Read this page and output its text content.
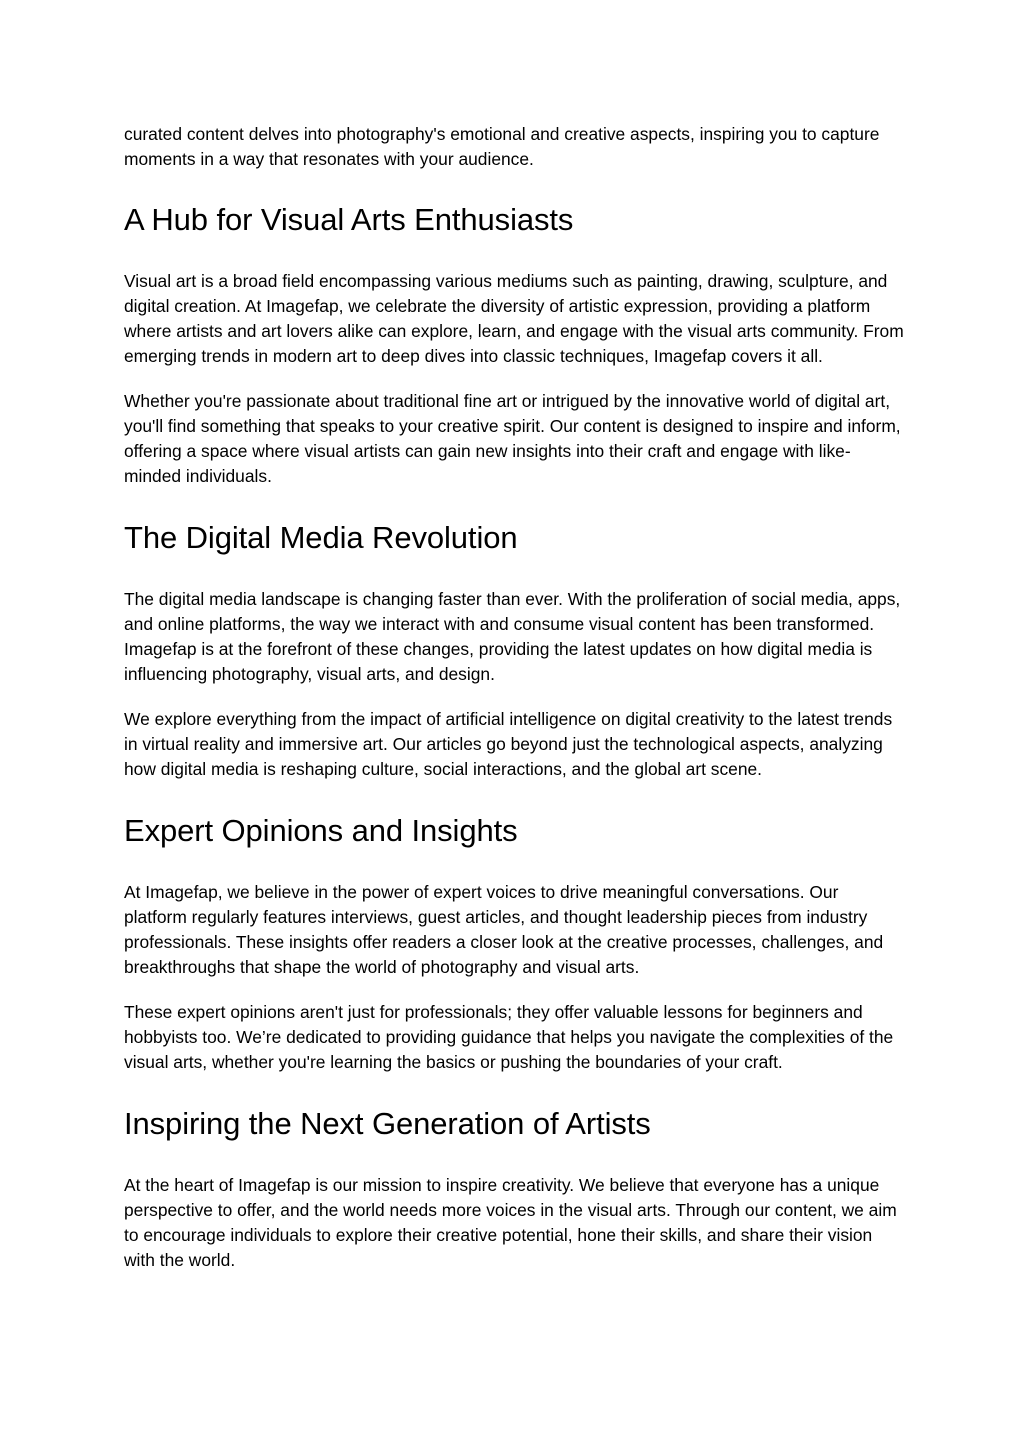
curated content delves into photography's emotional and creative aspects, inspiring you to capture moments in a way that resonates with your audience.

A Hub for Visual Arts Enthusiasts

Visual art is a broad field encompassing various mediums such as painting, drawing, sculpture, and digital creation. At Imagefap, we celebrate the diversity of artistic expression, providing a platform where artists and art lovers alike can explore, learn, and engage with the visual arts community. From emerging trends in modern art to deep dives into classic techniques, Imagefap covers it all.

Whether you're passionate about traditional fine art or intrigued by the innovative world of digital art, you'll find something that speaks to your creative spirit. Our content is designed to inspire and inform, offering a space where visual artists can gain new insights into their craft and engage with like-minded individuals.

The Digital Media Revolution

The digital media landscape is changing faster than ever. With the proliferation of social media, apps, and online platforms, the way we interact with and consume visual content has been transformed. Imagefap is at the forefront of these changes, providing the latest updates on how digital media is influencing photography, visual arts, and design.

We explore everything from the impact of artificial intelligence on digital creativity to the latest trends in virtual reality and immersive art. Our articles go beyond just the technological aspects, analyzing how digital media is reshaping culture, social interactions, and the global art scene.

Expert Opinions and Insights

At Imagefap, we believe in the power of expert voices to drive meaningful conversations. Our platform regularly features interviews, guest articles, and thought leadership pieces from industry professionals. These insights offer readers a closer look at the creative processes, challenges, and breakthroughs that shape the world of photography and visual arts.

These expert opinions aren't just for professionals; they offer valuable lessons for beginners and hobbyists too. We’re dedicated to providing guidance that helps you navigate the complexities of the visual arts, whether you're learning the basics or pushing the boundaries of your craft.

Inspiring the Next Generation of Artists

At the heart of Imagefap is our mission to inspire creativity. We believe that everyone has a unique perspective to offer, and the world needs more voices in the visual arts. Through our content, we aim to encourage individuals to explore their creative potential, hone their skills, and share their vision with the world.
